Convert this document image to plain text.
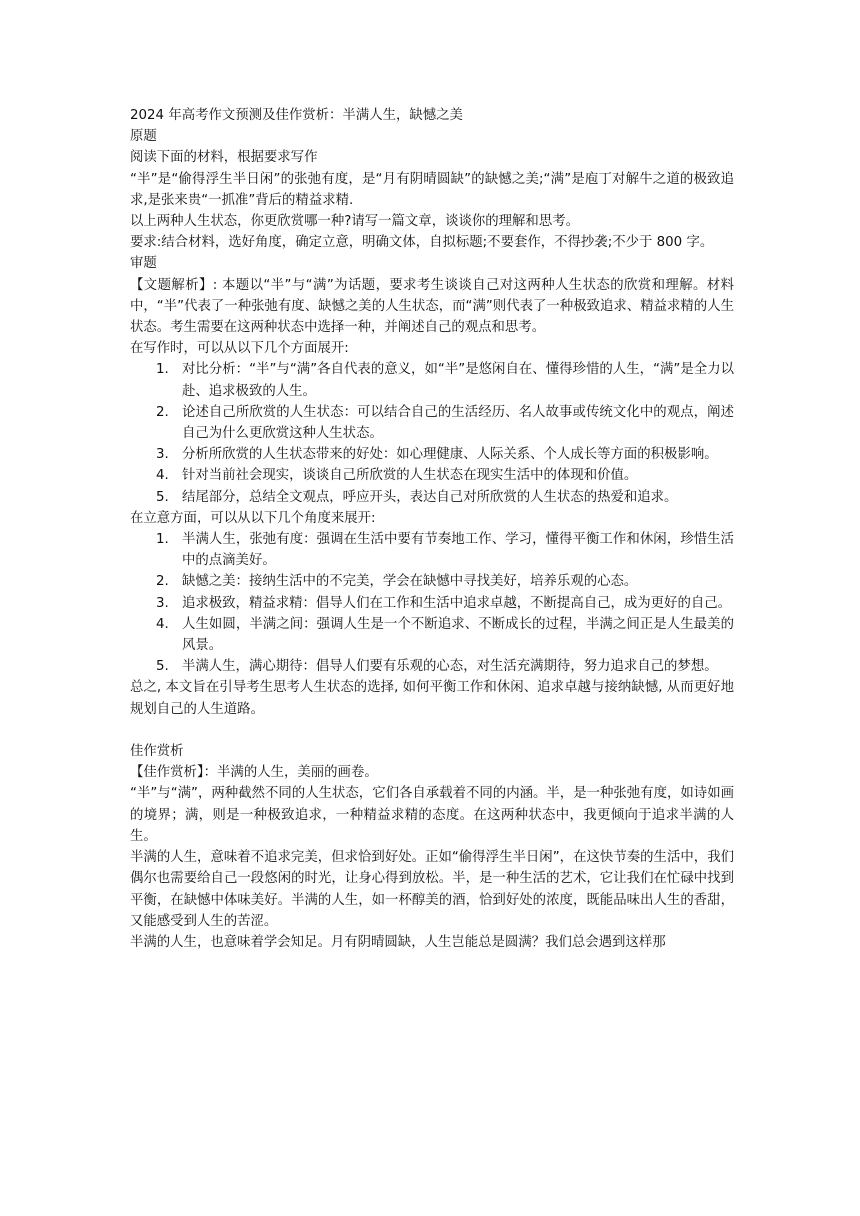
2024 年高考作文预测及佳作赏析：半满人生，缺憾之美

原题

阅读下面的材料，根据要求写作

“半”是“偷得浮生半日闲”的张弛有度，是“月有阴晴圆缺”的缺憾之美;“满”是庖丁对解牛之道的极致追求,是张来贵“一抓准”背后的精益求精.

以上两种人生状态，你更欣赏哪一种?请写一篇文章，谈谈你的理解和思考。

要求:结合材料，选好角度，确定立意，明确文体，自拟标题;不要套作，不得抄袭;不少于 800 字。

审题

【文题解析】: 本题以“半”与“满”为话题，要求考生谈谈自己对这两种人生状态的欣赏和理解。材料中，“半”代表了一种张弛有度、缺憾之美的人生状态，而“满”则代表了一种极致追求、精益求精的人生状态。考生需要在这两种状态中选择一种，并阐述自己的观点和思考。

在写作时，可以从以下几个方面展开:

1. 对比分析：“半”与“满”各自代表的意义，如“半”是悠闲自在、懂得珍惜的人生，“满”是全力以赴、追求极致的人生。
2. 论述自己所欣赏的人生状态：可以结合自己的生活经历、名人故事或传统文化中的观点，阐述自己为什么更欣赏这种人生状态。
3. 分析所欣赏的人生状态带来的好处：如心理健康、人际关系、个人成长等方面的积极影响。
4. 针对当前社会现实，谈谈自己所欣赏的人生状态在现实生活中的体现和价值。
5. 结尾部分，总结全文观点，呼应开头，表达自己对所欣赏的人生状态的热爱和追求。

在立意方面，可以从以下几个角度来展开:

1. 半满人生，张弛有度：强调在生活中要有节奏地工作、学习，懂得平衡工作和休闲，珍惜生活中的点滴美好。
2. 缺憾之美：接纳生活中的不完美，学会在缺憾中寻找美好，培养乐观的心态。
3. 追求极致，精益求精：倡导人们在工作和生活中追求卓越，不断提高自己，成为更好的自己。
4. 人生如圆，半满之间：强调人生是一个不断追求、不断成长的过程，半满之间正是人生最美的风景。
5. 半满人生，满心期待：倡导人们要有乐观的心态，对生活充满期待，努力追求自己的梦想。

总之, 本文旨在引导考生思考人生状态的选择, 如何平衡工作和休闲、追求卓越与接纳缺憾, 从而更好地规划自己的人生道路。

佳作赏析

【佳作赏析】：半满的人生，美丽的画卷。

“半”与“满”，两种截然不同的人生状态，它们各自承载着不同的内涵。半，是一种张弛有度，如诗如画的境界；满，则是一种极致追求，一种精益求精的态度。在这两种状态中，我更倾向于追求半满的人生。

半满的人生，意味着不追求完美，但求恰到好处。正如“偷得浮生半日闲”，在这快节奏的生活中，我们偶尔也需要给自己一段悠闲的时光，让身心得到放松。半，是一种生活的艺术，它让我们在忙碌中找到平衡，在缺憾中体味美好。半满的人生，如一杯醇美的酒，恰到好处的浓度，既能品味出人生的香甜，又能感受到人生的苦涩。

半满的人生，也意味着学会知足。月有阴晴圆缺，人生岂能总是圆满？我们总会遇到这样那
